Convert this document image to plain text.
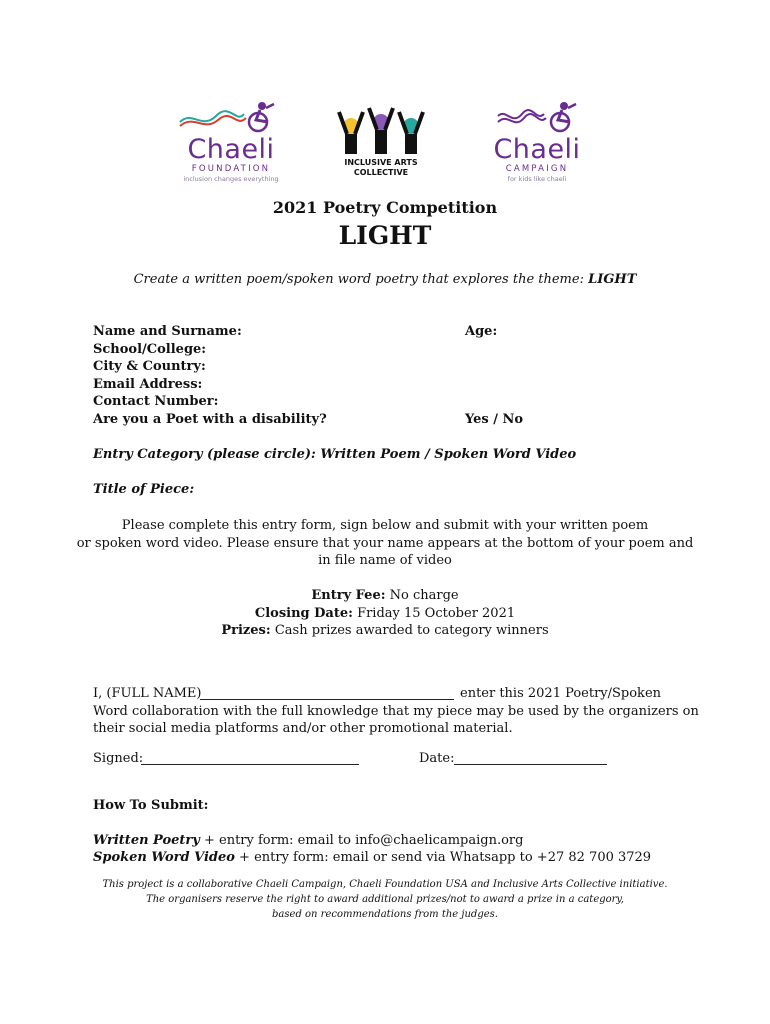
Chaeli
FOUNDATION
inclusion changes everything
INCLUSIVE ARTS
COLLECTIVE
Chaeli
CAMPAIGN
for kids like chaeli
2021 Poetry Competition
LIGHT
Create a written poem/spoken word poetry that explores the theme: LIGHT
Name and Surname:	Age:
School/College:
City & Country:
Email Address:
Contact Number:
Are you a Poet with a disability?	Yes / No
Entry Category (please circle): Written Poem / Spoken Word Video
Title of Piece:
Please complete this entry form, sign below and submit with your written poem
or spoken word video. Please ensure that your name appears at the bottom of your poem and
in file name of video
Entry Fee: No charge
Closing Date: Friday 15 October 2021
Prizes: Cash prizes awarded to category winners
I, (FULL NAME)	enter this 2021 Poetry/Spoken
Word collaboration with the full knowledge that my piece may be used by the organizers on
their social media platforms and/or other promotional material.
Signed:	Date:
How To Submit:
Written Poetry + entry form: email to info@chaelicampaign.org
Spoken Word Video + entry form: email or send via Whatsapp to +27 82 700 3729
This project is a collaborative Chaeli Campaign, Chaeli Foundation USA and Inclusive Arts Collective initiative.
The organisers reserve the right to award additional prizes/not to award a prize in a category,
based on recommendations from the judges.
